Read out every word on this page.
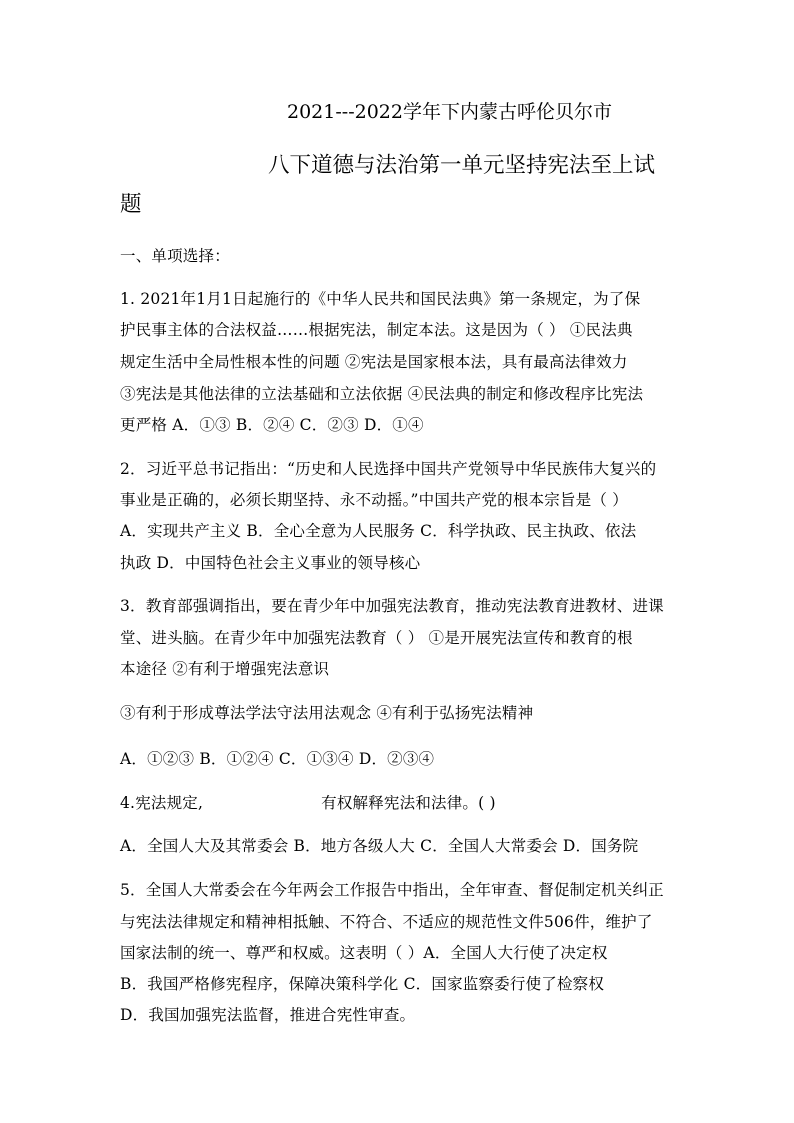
2021---2022学年下内蒙古呼伦贝尔市
八下道德与法治第一单元坚持宪法至上试
题
一、单项选择：
1. 2021年1月1日起施行的《中华人民共和国民法典》第一条规定，为了保
护民事主体的合法权益……根据宪法，制定本法。这是因为（ ） ①民法典
规定生活中全局性根本性的问题 ②宪法是国家根本法，具有最高法律效力
③宪法是其他法律的立法基础和立法依据 ④民法典的制定和修改程序比宪法
更严格 A．①③ B．②④ C．②③ D．①④
2．习近平总书记指出：“历史和人民选择中国共产党领导中华民族伟大复兴的
事业是正确的，必须长期坚持、永不动摇。”中国共产党的根本宗旨是（ ）
A．实现共产主义 B．全心全意为人民服务 C．科学执政、民主执政、依法
执政 D．中国特色社会主义事业的领导核心
3．教育部强调指出，要在青少年中加强宪法教育，推动宪法教育进教材、进课
堂、进头脑。在青少年中加强宪法教育（ ） ①是开展宪法宣传和教育的根
本途径 ②有利于增强宪法意识
③有利于形成尊法学法守法用法观念 ④有利于弘扬宪法精神
A．①②③ B．①②④ C．①③④ D．②③④
4.宪法规定,	有权解释宪法和法律。( )
A．全国人大及其常委会 B．地方各级人大 C．全国人大常委会 D．国务院
5．全国人大常委会在今年两会工作报告中指出，全年审查、督促制定机关纠正
与宪法法律规定和精神相抵触、不符合、不适应的规范性文件506件，维护了
国家法制的统一、尊严和权威。这表明（ ）A．全国人大行使了决定权
B．我国严格修宪程序，保障决策科学化 C．国家监察委行使了检察权
D．我国加强宪法监督，推进合宪性审查。
